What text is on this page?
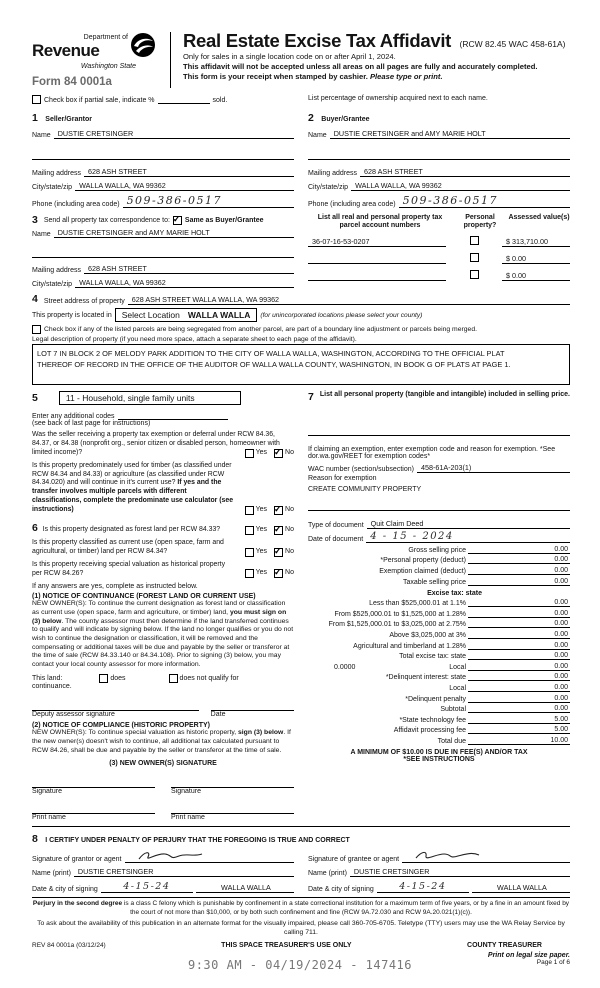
Department of
Revenue
Washington State
Form 84 0001a
Real Estate Excise Tax Affidavit (RCW 82.45 WAC 458-61A)
Only for sales in a single location code on or after April 1, 2024.
This affidavit will not be accepted unless all areas on all pages are fully and accurately completed.
This form is your receipt when stamped by cashier. Please type or print.
Check box if partial sale, indicate %	sold.	List percentage of ownership acquired next to each name.
1 Seller/Grantor
Name DUSTIE CRETSINGER
Mailing address 628 ASH STREET
City/state/zip WALLA WALLA, WA 99362
Phone (including area code) 509-386-0517
2 Buyer/Grantee
Name DUSTIE CRETSINGER and AMY MARIE HOLT
Mailing address 628 ASH STREET
City/state/zip WALLA WALLA, WA 99362
Phone (including area code) 509-386-0517
3 Send all property tax correspondence to: ✓ Same as Buyer/Grantee
Name DUSTIE CRETSINGER and AMY MARIE HOLT
Mailing address 628 ASH STREET
City/state/zip WALLA WALLA, WA 99362
List all real and personal property tax parcel account numbers
Personal property?
Assessed value(s)
36-07-16-53-0207	$ 313,710.00
$ 0.00
$ 0.00
4 Street address of property 628 ASH STREET WALLA WALLA, WA 99362
This property is located in Select Location WALLA WALLA (for unincorporated locations please select your county)
Check box if any of the listed parcels are being segregated from another parcel, are part of a boundary line adjustment or parcels being merged.
Legal description of property (if you need more space, attach a separate sheet to each page of the affidavit).
LOT 7 IN BLOCK 2 OF MELODY PARK ADDITION TO THE CITY OF WALLA WALLA, WASHINGTON, ACCORDING TO THE OFFICIAL PLAT
THEREOF OF RECORD IN THE OFFICE OF THE AUDITOR OF WALLA WALLA COUNTY, WASHINGTON, IN BOOK G OF PLATS AT PAGE 1.
5	11 - Household, single family units
Enter any additional codes
(see back of last page for instructions)
Was the seller receiving a property tax exemption or deferral under RCW 84.36, 84.37, or 84.38 (nonprofit org., senior citizen or disabled person, homeowner with limited income)?	Yes ✓	No
Is this property predominately used for timber (as classified under RCW 84.34 and 84.33) or agriculture (as classified under RCW 84.34.020) and will continue in it's current use? If yes and the transfer involves multiple parcels with different classifications, complete the predominate use calculator (see instructions)	Yes ✓	No
6 Is this property designated as forest land per RCW 84.33?	Yes ✓	No
Is this property classified as current use (open space, farm and agricultural, or timber) land per RCW 84.34?	Yes ✓	No
Is this property receiving special valuation as historical property per RCW 84.26?	Yes ✓	No
If any answers are yes, complete as instructed below.
(1) NOTICE OF CONTINUANCE (FOREST LAND OR CURRENT USE)
NEW OWNER(S): To continue the current designation as forest land or classification as current use (open space, farm and agriculture, or timber) land, you must sign on (3) below. The county assessor must then determine if the land transferred continues to qualify and will indicate by signing below. If the land no longer qualifies or you do not wish to continue the designation or classification, it will be removed and the compensating or additional taxes will be due and payable by the seller or transferor at the time of sale (RCW 84.33.140 or 84.34.108). Prior to signing (3) below, you may contact your local county assessor for more information.
This land:	does	does not qualify for
continuance.
Deputy assessor signature	Date
(2) NOTICE OF COMPLIANCE (HISTORIC PROPERTY)
NEW OWNER(S): To continue special valuation as historic property, sign (3) below. If the new owner(s) doesn't wish to continue, all additional tax calculated pursuant to RCW 84.26, shall be due and payable by the seller or transferor at the time of sale.
(3) NEW OWNER(S) SIGNATURE
Signature	Signature
Print name	Print name
7 List all personal property (tangible and intangible) included in selling price.
If claiming an exemption, enter exemption code and reason for exemption. *See dor.wa.gov/REET for exemption codes*
WAC number (section/subsection) 458-61A-203(1)
Reason for exemption
CREATE COMMUNITY PROPERTY
Type of document Quit Claim Deed
Date of document 4 - 15 - 2024
Gross selling price	0.00
*Personal property (deduct)	0.00
Exemption claimed (deduct)	0.00
Taxable selling price	0.00
Excise tax: state
Less than $525,000.01 at 1.1%	0.00
From $525,000.01 to $1,525,000 at 1.28%	0.00
From $1,525,000.01 to $3,025,000 at 2.75%	0.00
Above $3,025,000 at 3%	0.00
Agricultural and timberland at 1.28%	0.00
Total excise tax: state	0.00
0.0000	Local	0.00
*Delinquent interest: state	0.00
Local	0.00
*Delinquent penalty	0.00
Subtotal	0.00
*State technology fee	5.00
Affidavit processing fee	5.00
Total due	10.00
A MINIMUM OF $10.00 IS DUE IN FEE(S) AND/OR TAX
*SEE INSTRUCTIONS
8 I CERTIFY UNDER PENALTY OF PERJURY THAT THE FOREGOING IS TRUE AND CORRECT
Signature of grantor or agent
Name (print) DUSTIE CRETSINGER
Date & city of signing	4-15-24	WALLA WALLA
Signature of grantee or agent
Name (print) DUSTIE CRETSINGER
Date & city of signing	4-15-24	WALLA WALLA
Perjury in the second degree is a class C felony which is punishable by confinement in a state correctional institution for a maximum term of five years, or by a fine in an amount fixed by the court of not more than $10,000, or by both such confinement and fine (RCW 9A.72.030 and RCW 9A.20.021(1)(c)).
To ask about the availability of this publication in an alternate format for the visually impaired, please call 360-705-6705. Teletype (TTY) users may use the WA Relay Service by calling 711.
REV 84 0001a (03/12/24)	THIS SPACE TREASURER'S USE ONLY	COUNTY TREASURER
9:30 AM - 04/19/2024 - 147416
Print on legal size paper.
Page 1 of 6
